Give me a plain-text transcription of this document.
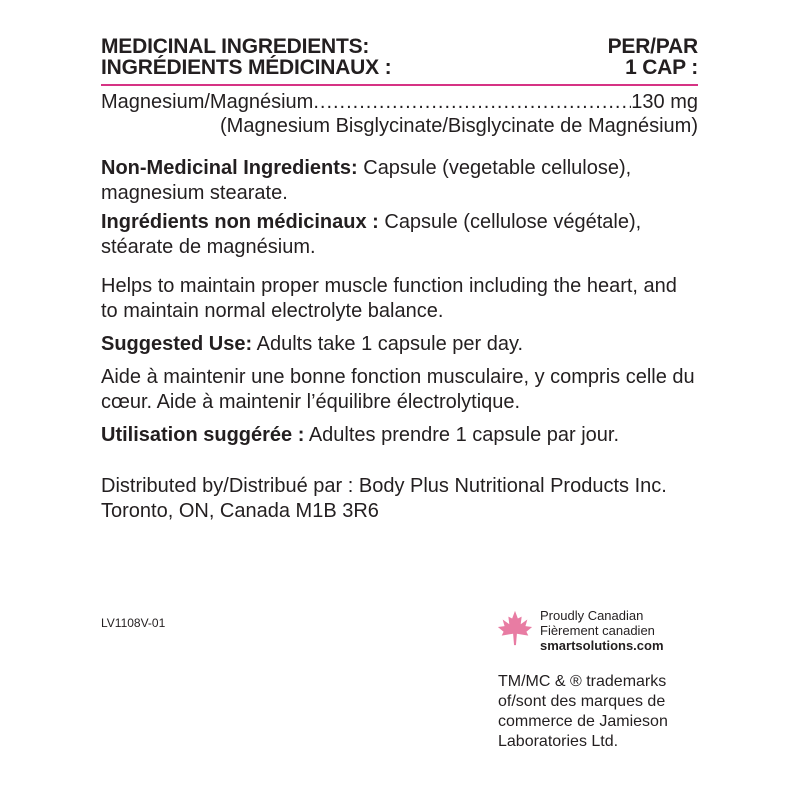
MEDICINAL INGREDIENTS:
INGRÉDIENTS MÉDICINAUX :
PER/PAR
1 CAP :
Magnesium/Magnésium .....	130 mg
(Magnesium Bisglycinate/Bisglycinate de Magnésium)

Non-Medicinal Ingredients: Capsule (vegetable cellulose), magnesium stearate.

Ingrédients non médicinaux : Capsule (cellulose végétale), stéarate de magnésium.

Helps to maintain proper muscle function including the heart, and to maintain normal electrolyte balance.

Suggested Use: Adults take 1 capsule per day.

Aide à maintenir une bonne fonction musculaire, y compris celle du cœur. Aide à maintenir l’équilibre électrolytique.

Utilisation suggérée : Adultes prendre 1 capsule par jour.

Distributed by/Distribué par : Body Plus Nutritional Products Inc. Toronto, ON, Canada M1B 3R6

LV1108V-01	Proudly Canadian
Fièrement canadien
smartsolutions.com
TM/MC & ® trademarks of/sont des marques de commerce de Jamieson Laboratories Ltd.
